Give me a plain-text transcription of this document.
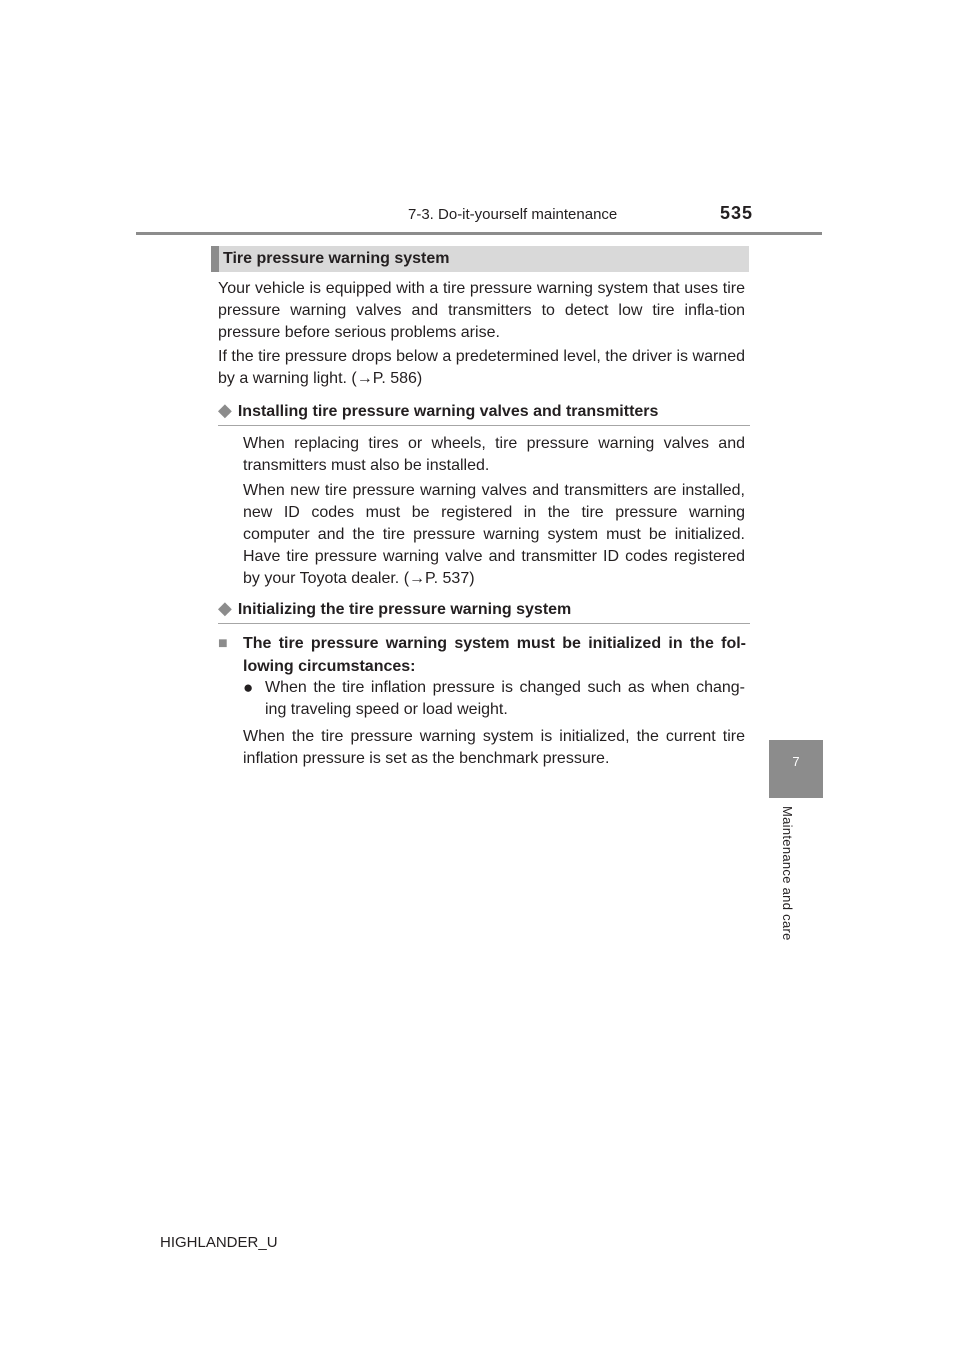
7-3. Do-it-yourself maintenance	535
7
Maintenance and care
Tire pressure warning system
Your vehicle is equipped with a tire pressure warning system that uses tire pressure warning valves and transmitters to detect low tire infla-tion pressure before serious problems arise.
If the tire pressure drops below a predetermined level, the driver is warned by a warning light. (→P. 586)
◆ Installing tire pressure warning valves and transmitters
When replacing tires or wheels, tire pressure warning valves and transmitters must also be installed.
When new tire pressure warning valves and transmitters are installed, new ID codes must be registered in the tire pressure warning computer and the tire pressure warning system must be initialized. Have tire pressure warning valve and transmitter ID codes registered by your Toyota dealer. (→P. 537)
◆ Initializing the tire pressure warning system
■ The tire pressure warning system must be initialized in the fol-lowing circumstances:
● When the tire inflation pressure is changed such as when chang-ing traveling speed or load weight.
When the tire pressure warning system is initialized, the current tire inflation pressure is set as the benchmark pressure.
HIGHLANDER_U
